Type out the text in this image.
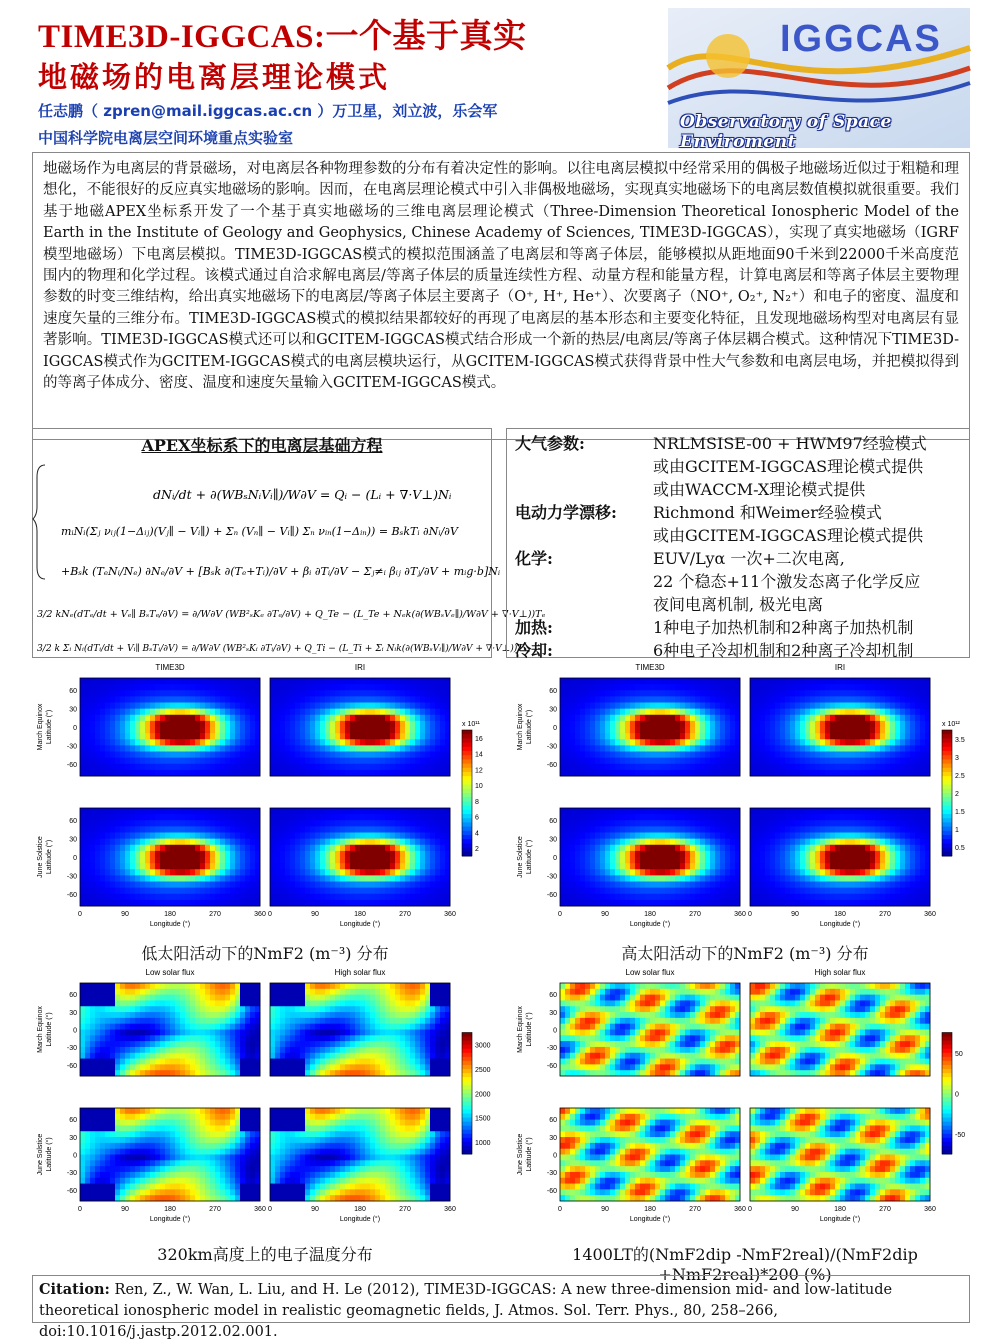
TIME3D-IGGCAS:一个基于真实
地磁场的电离层理论模式
任志鹏（ zpren@mail.iggcas.ac.cn ）万卫星，刘立波，乐会军
中国科学院电离层空间环境重点实验室
IGGCAS
Observatory of Space Enviroment
地磁场作为电离层的背景磁场，对电离层各种物理参数的分布有着决定性的影响。以往电离层模拟中经常采用的偶极子地磁场近似过于粗糙和理想化，不能很好的反应真实地磁场的影响。因而，在电离层理论模式中引入非偶极地磁场，实现真实地磁场下的电离层数值模拟就很重要。我们基于地磁APEX坐标系开发了一个基于真实地磁场的三维电离层理论模式（Three-Dimension Theoretical Ionospheric Model of the Earth in the Institute of Geology and Geophysics, Chinese Academy of Sciences, TIME3D-IGGCAS），实现了真实地磁场（IGRF模型地磁场）下电离层模拟。TIME3D-IGGCAS模式的模拟范围涵盖了电离层和等离子体层，能够模拟从距地面90千米到22000千米高度范围内的物理和化学过程。该模式通过自洽求解电离层/等离子体层的质量连续性方程、动量方程和能量方程，计算电离层和等离子体层主要物理参数的时变三维结构，给出真实地磁场下的电离层/等离子体层主要离子（O⁺, H⁺, He⁺）、次要离子（NO⁺, O₂⁺, N₂⁺）和电子的密度、温度和速度矢量的三维分布。TIME3D-IGGCAS模式的模拟结果都较好的再现了电离层的基本形态和主要变化特征，且发现地磁场构型对电离层有显著影响。TIME3D-IGGCAS模式还可以和GCITEM-IGGCAS模式结合形成一个新的热层/电离层/等离子体层耦合模式。这种情况下TIME3D-IGGCAS模式作为GCITEM-IGGCAS模式的电离层模块运行，从GCITEM-IGGCAS模式获得背景中性大气参数和电离层电场，并把模拟得到的等离子体成分、密度、温度和速度矢量输入GCITEM-IGGCAS模式。
APEX坐标系下的电离层基础方程
dNᵢ/dt + ∂(WBₛNᵢVᵢ∥)/W∂V = Qᵢ − (Lᵢ + ∇·V⊥)Nᵢ
mᵢNᵢ(Σⱼ νᵢⱼ(1−Δᵢⱼ)(Vⱼ∥ − Vᵢ∥) + Σₙ (Vₙ∥ − Vᵢ∥) Σₙ νᵢₙ(1−Δᵢₙ)) = BₛkTᵢ ∂Nᵢ/∂V
+Bₛk (TₑNᵢ/Nₑ) ∂Nₑ/∂V + [Bₛk ∂(Tₑ+Tᵢ)/∂V + βᵢ ∂Tᵢ/∂V − Σⱼ≠ᵢ βᵢⱼ ∂Tⱼ/∂V + mᵢg·b]Nᵢ
3/2 kNₑ(dTₑ/dt + Vₑ∥ BₛTₑ/∂V) = ∂/W∂V (WB²ₛKₑ ∂Tₑ/∂V) + Q_Te − (L_Te + Nₑk(∂(WBₛVₑ∥)/W∂V + ∇·V⊥))Tₑ
3/2 k Σᵢ Nᵢ(dTᵢ/dt + Vᵢ∥ BₛTᵢ/∂V) = ∂/W∂V (WB²ₛKᵢ ∂Tᵢ/∂V) + Q_Ti − (L_Ti + Σᵢ Nᵢk(∂(WBₛVᵢ∥)/W∂V + ∇·V⊥))Tᵢ
大气参数:	NRLMSISE-00 + HWM97经验模式
或由GCITEM-IGGCAS理论模式提供
或由WACCM-X理论模式提供
电动力学漂移:	Richmond 和Weimer经验模式
或由GCITEM-IGGCAS理论模式提供
化学:	EUV/Lyα 一次+二次电离,
22 个稳态+11个激发态离子化学反应
夜间电离机制, 极光电离
加热:	1种电子加热机制和2种离子加热机制
冷却:	6种电子冷却机制和2种离子冷却机制
TIME3D	IRI
March Equinox Latitude (°)
60
30
0
-30
-60
June Solstice Latitude (°)
60
30
0
-30
-60
0	90	180	270	360
Longitude (°)
0	90	180	270	360
Longitude (°)
x 10¹¹
16
14
12
10
8
6
4
2
低太阳活动下的NmF2 (m⁻³) 分布
TIME3D	IRI
March Equinox Latitude (°)
60
30
0
-30
-60
June Solstice Latitude (°)
60
30
0
-30
-60
0	90	180	270	360
Longitude (°)
0	90	180	270	360
Longitude (°)
x 10¹²
3.5
3
2.5
2
1.5
1
0.5
高太阳活动下的NmF2 (m⁻³) 分布
Low solar flux	High solar flux
March Equinox Latitude (°)
60
30
0
-30
-60
June Solstice Latitude (°)
60
30
0
-30
-60
0	90	180	270	360
Longitude (°)
0	90	180	270	360
Longitude (°)
3000
2500
2000
1500
1000
320km高度上的电子温度分布
Low solar flux	High solar flux
March Equinox Latitude (°)
60
30
0
-30
-60
June Solstice Latitude (°)
60
30
0
-30
-60
0	90	180	270	360
Longitude (°)
0	90	180	270	360
Longitude (°)
50
0
-50
1400LT的(NmF2dip -NmF2real)/(NmF2dip +NmF2real)*200 (%)
Citation: Ren, Z., W. Wan, L. Liu, and H. Le (2012), TIME3D-IGGCAS: A new three-dimension mid- and low-latitude theoretical ionospheric model in realistic geomagnetic fields, J. Atmos. Sol. Terr. Phys., 80, 258–266, doi:10.1016/j.jastp.2012.02.001.
